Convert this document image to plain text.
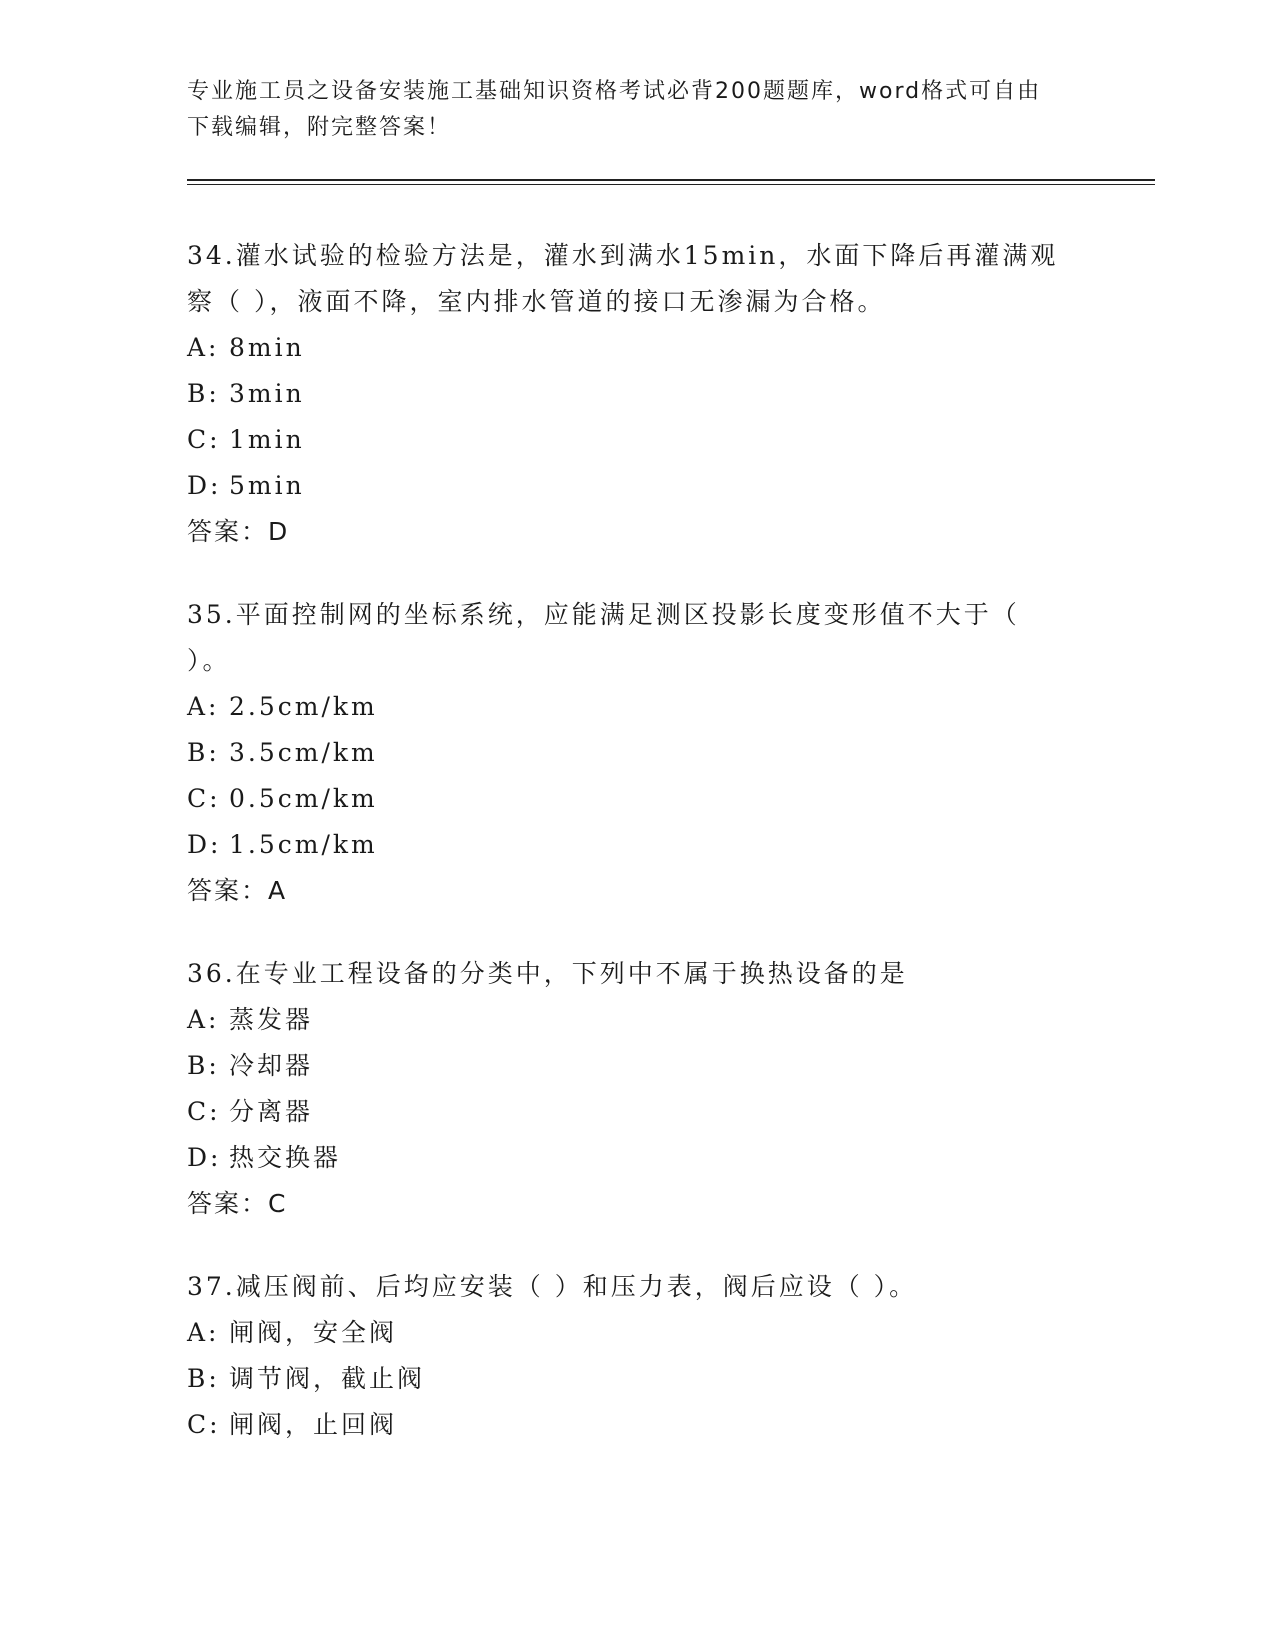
专业施工员之设备安装施工基础知识资格考试必背200题题库，word格式可自由
下载编辑，附完整答案！

34.灌水试验的检验方法是，灌水到满水15min，水面下降后再灌满观察（ ），液面不降，室内排水管道的接口无渗漏为合格。

A: 8min
B: 3min
C: 1min
D: 5min

答案：D

35.平面控制网的坐标系统，应能满足测区投影长度变形值不大于（ ）。

A: 2.5cm/km
B: 3.5cm/km
C: 0.5cm/km
D: 1.5cm/km

答案：A

36.在专业工程设备的分类中，下列中不属于换热设备的是

A: 蒸发器
B: 冷却器
C: 分离器
D: 热交换器

答案：C

37.减压阀前、后均应安装（ ）和压力表，阀后应设（ ）。

A: 闸阀，安全阀
B: 调节阀，截止阀
C: 闸阀，止回阀
